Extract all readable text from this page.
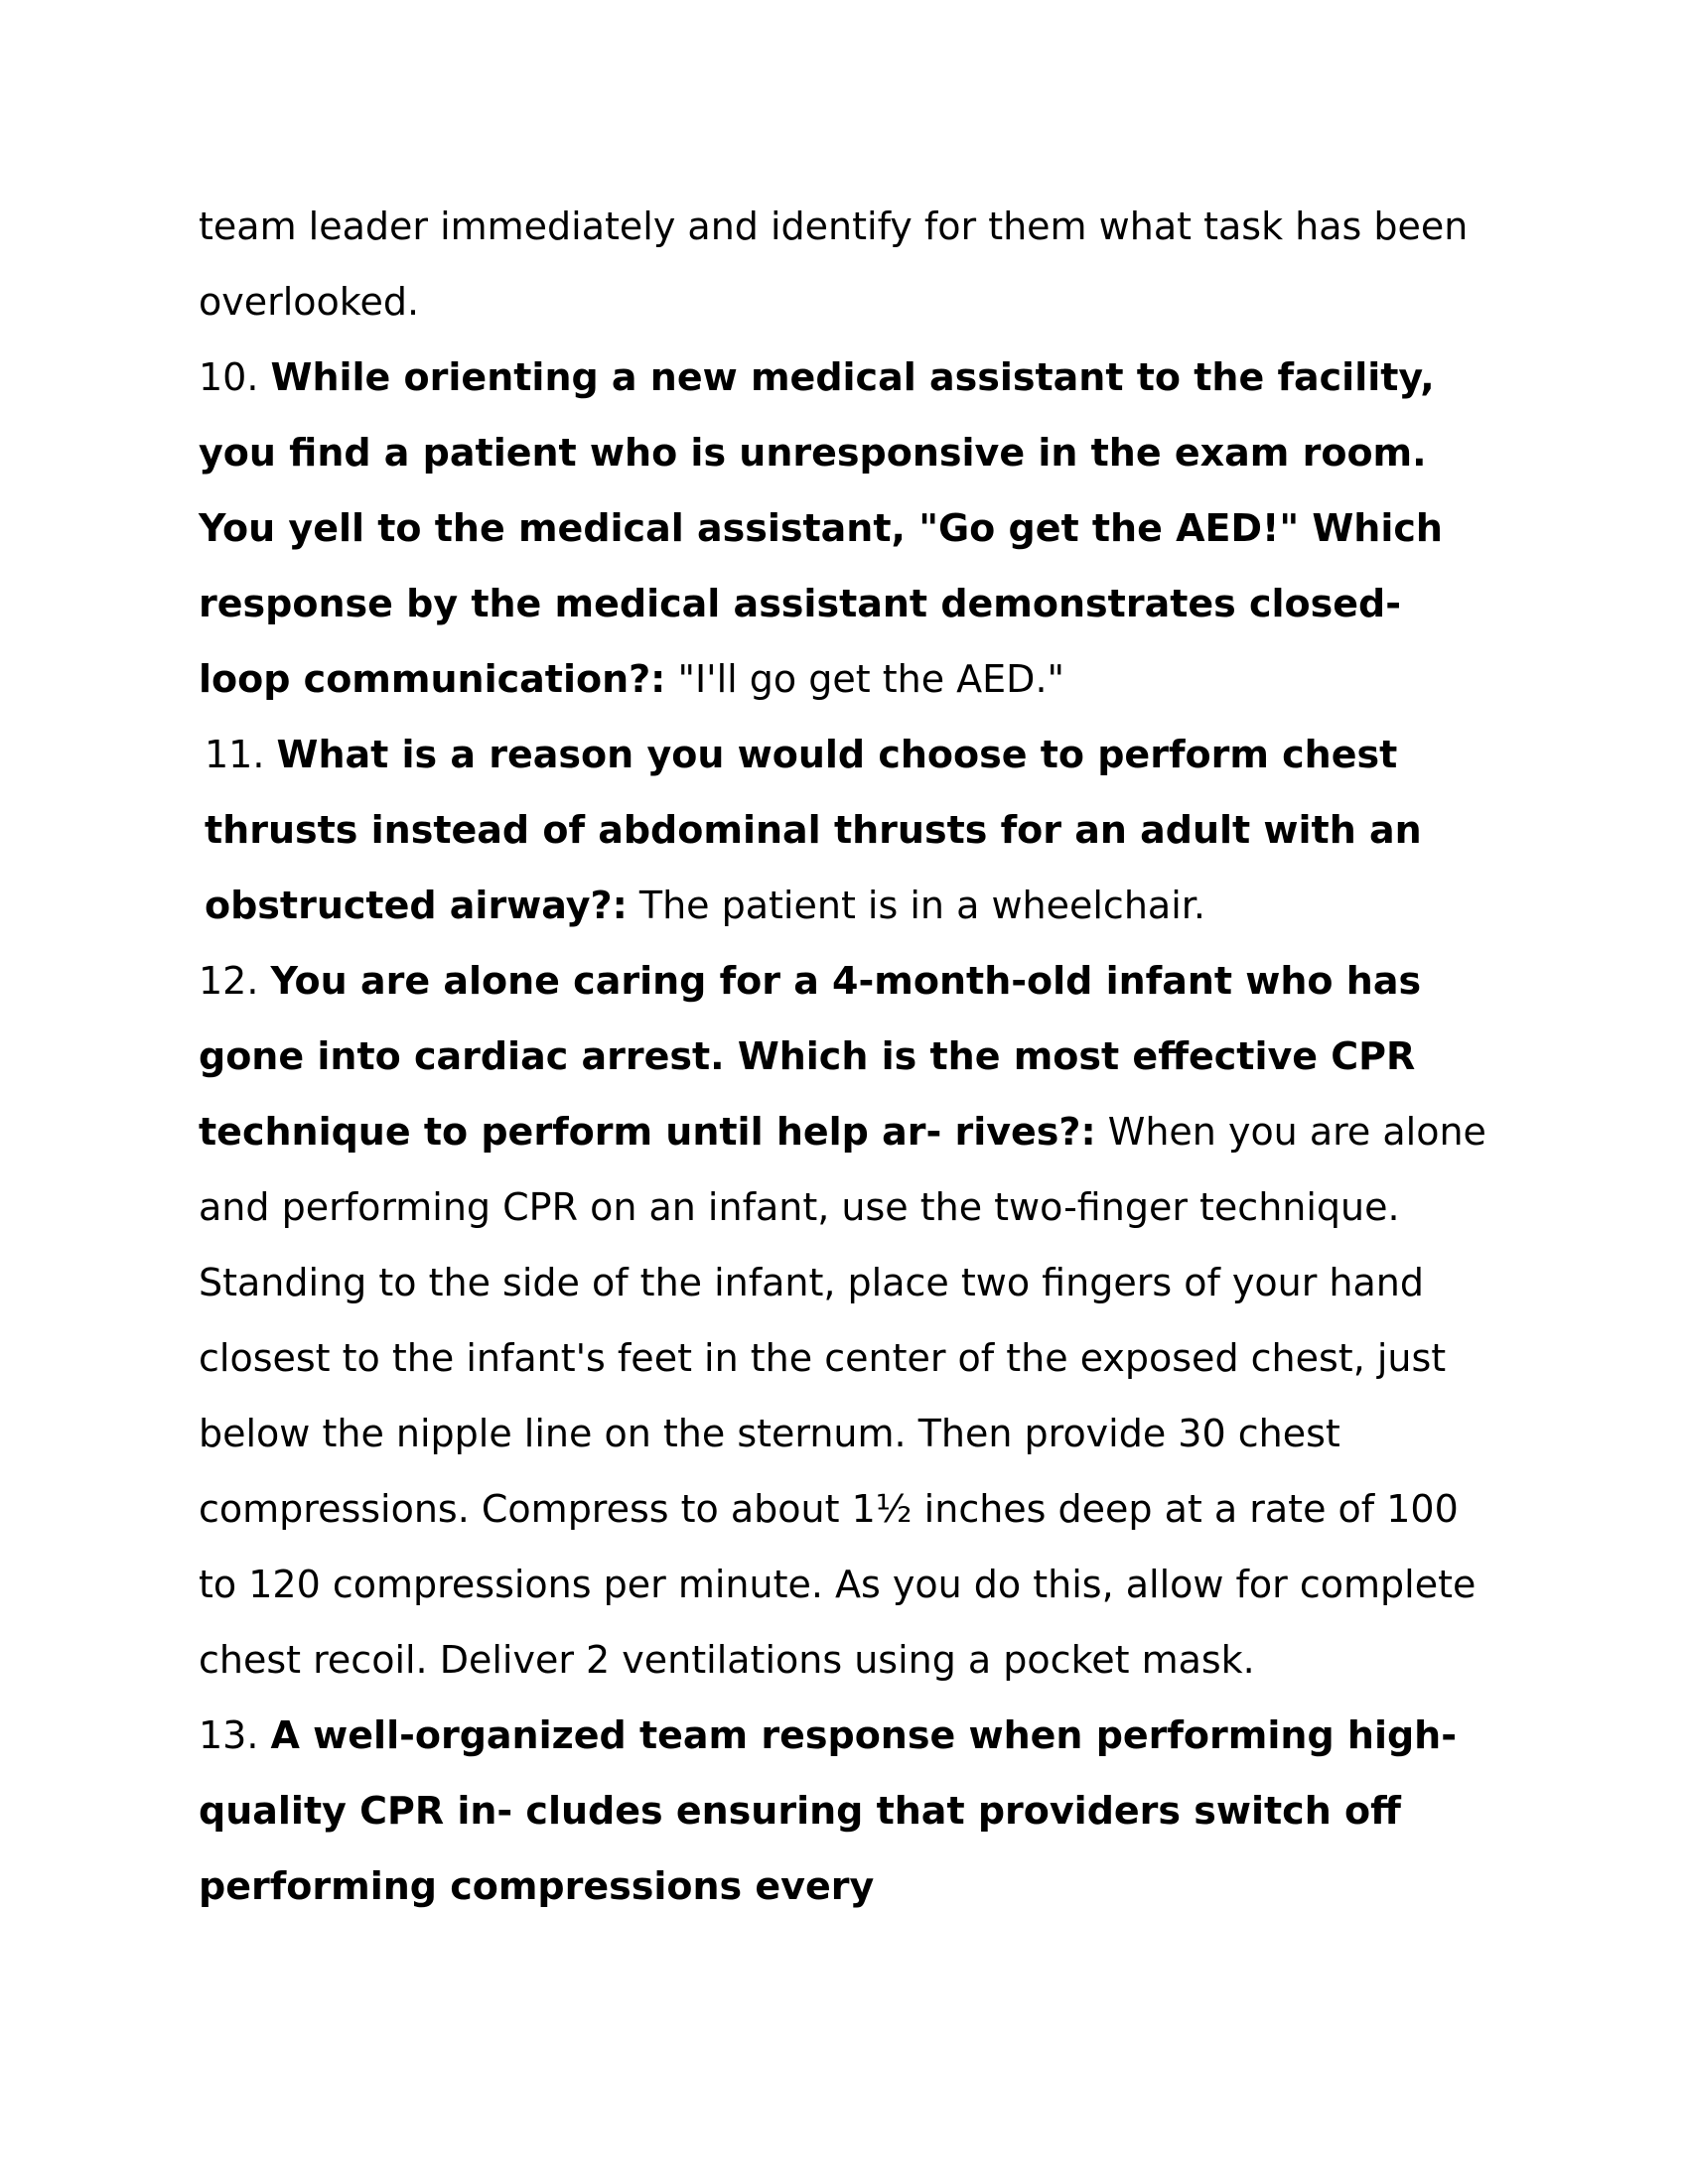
team leader immediately and identify for them what task has been overlooked.

10. While orienting a new medical assistant to the facility, you find a patient who is unresponsive in the exam room. You yell to the medical assistant, "Go get the AED!" Which response by the medical assistant demonstrates closed-loop communication?: "I'll go get the AED."

11. What is a reason you would choose to perform chest thrusts instead of abdominal thrusts for an adult with an obstructed airway?: The patient is in a wheelchair.

12. You are alone caring for a 4-month-old infant who has gone into cardiac arrest. Which is the most effective CPR technique to perform until help ar- rives?: When you are alone and performing CPR on an infant, use the two-finger technique. Standing to the side of the infant, place two fingers of your hand closest to the infant's feet in the center of the exposed chest, just below the nipple line on the sternum. Then provide 30 chest compressions. Compress to about 1½ inches deep at a rate of 100 to 120 compressions per minute. As you do this, allow for complete chest recoil. Deliver 2 ventilations using a pocket mask.

13. A well-organized team response when performing high-quality CPR in- cludes ensuring that providers switch off performing compressions every
